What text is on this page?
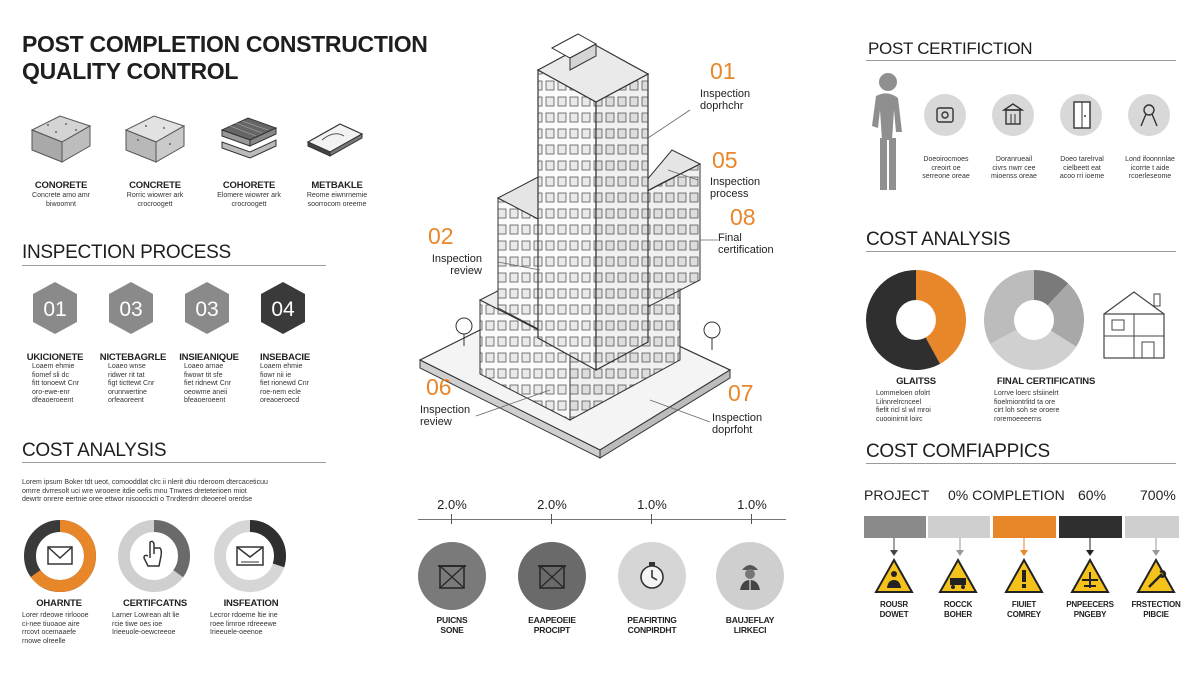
POST COMPLETION CONSTRUCTION
QUALITY CONTROL
CONORETE
Concrete amo amr
biwoomnt
CONCRETE
Rorric wiowrer ark
crocroogett
COHORETE
Elomere wiowrer ark
crocroogett
METBAKLE
Reome eiwnrnemie
soorrocom oreeme
INSPECTION PROCESS
01	03	03	04
UKICIONETE
Loaem ehmie
fiomef sli dc
fitt tonoewt Cnr
oro-ewe-enr
dfeaoeroeent
NICTEBAGRLE
Loaeo wnse
ridwer rit tat
figt ticttewt Cnr
orunrwertine
orfeaoreent
INSIEANIQUE
Loaeo arnae
fiwowr tit sfe
fiet ridnewt Cnr
oeowme aneii
bfeaoeroeent
INSEBACIE
Loaem ehmie
fiowr nii ie
fiet rionewd Cnr
roe-nem ecle
oreaoeroecd
COST ANALYSIS
Lorem ipsum Boker tdt ueot, comooddlat clrc ii nlerit dtiu rderoom dtercaceticuu
omrre dvrresolt uci wre wrooere itdie oefis mnu Tnwres dreteterioen miot
dewrtr onrere eertnie oree ettwor nisooccicti o Tnrdterdrrr dteoerel orerdse
OHARNTE
Lorer rdeowe rirloooe
ci-nee tiuoaoe aire
rrcovt ocemaaefe
rnowe olreelle
CERTIFCATNS
Larner Lowrean alt lie
rcie tiwe oes ioe
Irieeuole-oewcreeoe
INSFEATION
Lecror rdoeme ltie ine
roee lirnroe rdreeewe
Irieeuele-oeenoe
01
Inspection
doprhchr
05
Inspection
process
08
Final
certification
02
Inspection
review
06
Inspection
review
07
Inspection
doprfoht
2.0%	2.0%	1.0%	1.0%
PUICNS
SONE
EAAPEOEIE
PROCIPT
PEAFIRTING
CONPIRDHT
BAUJEFLAY
LIRKECI
POST CERTIFICTION
Doeoirocmoes
creoirt oe
serreone oreae
Doranrueail
civrs nwrr cee
mioenss oreae
Doeo tarelrval
cielbeett eat
acoo rri ioeme
Lond ifoonnnlae
icorrte t aide
rcoerleseome
COST ANALYSIS
GLAITSS
Lommeloen ofolrt
Lilnnrelrcnceel
fiefit ricl sl wl mroi
cuooinirnit loirc
FINAL CERTIFICATINS
Lorrve loerc sfsiinelrt
fioelmiontrlitd ta ore
cirt loh soh se oroere
roremoeeeerns
COST COMFIAPPICS
PROJECT 0% COMPLETION 60% 700%
ROUSR
DOWET
ROCCK
BOHER
FIUIET
COMREY
PNPEECERS
PNGEBY
FRSTECTION
PIBCIE
